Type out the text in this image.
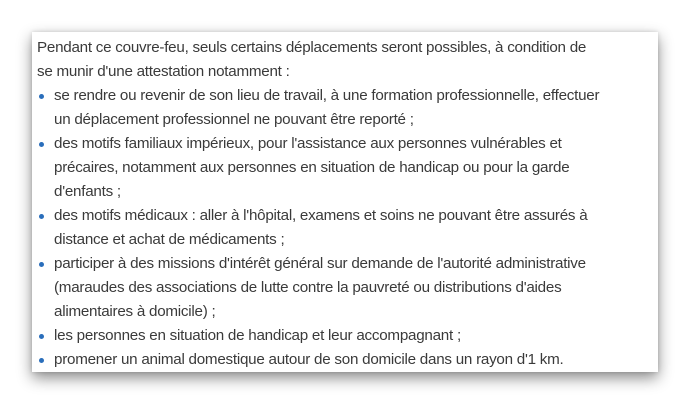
Pendant ce couvre-feu, seuls certains déplacements seront possibles, à condition de
se munir d'une attestation notamment :
se rendre ou revenir de son lieu de travail, à une formation professionnelle, effectuer
un déplacement professionnel ne pouvant être reporté ;
des motifs familiaux impérieux, pour l'assistance aux personnes vulnérables et
précaires, notamment aux personnes en situation de handicap ou pour la garde
d'enfants ;
des motifs médicaux : aller à l'hôpital, examens et soins ne pouvant être assurés à
distance et achat de médicaments ;
participer à des missions d'intérêt général sur demande de l'autorité administrative
(maraudes des associations de lutte contre la pauvreté ou distributions d'aides
alimentaires à domicile) ;
les personnes en situation de handicap et leur accompagnant ;
promener un animal domestique autour de son domicile dans un rayon d'1 km.
